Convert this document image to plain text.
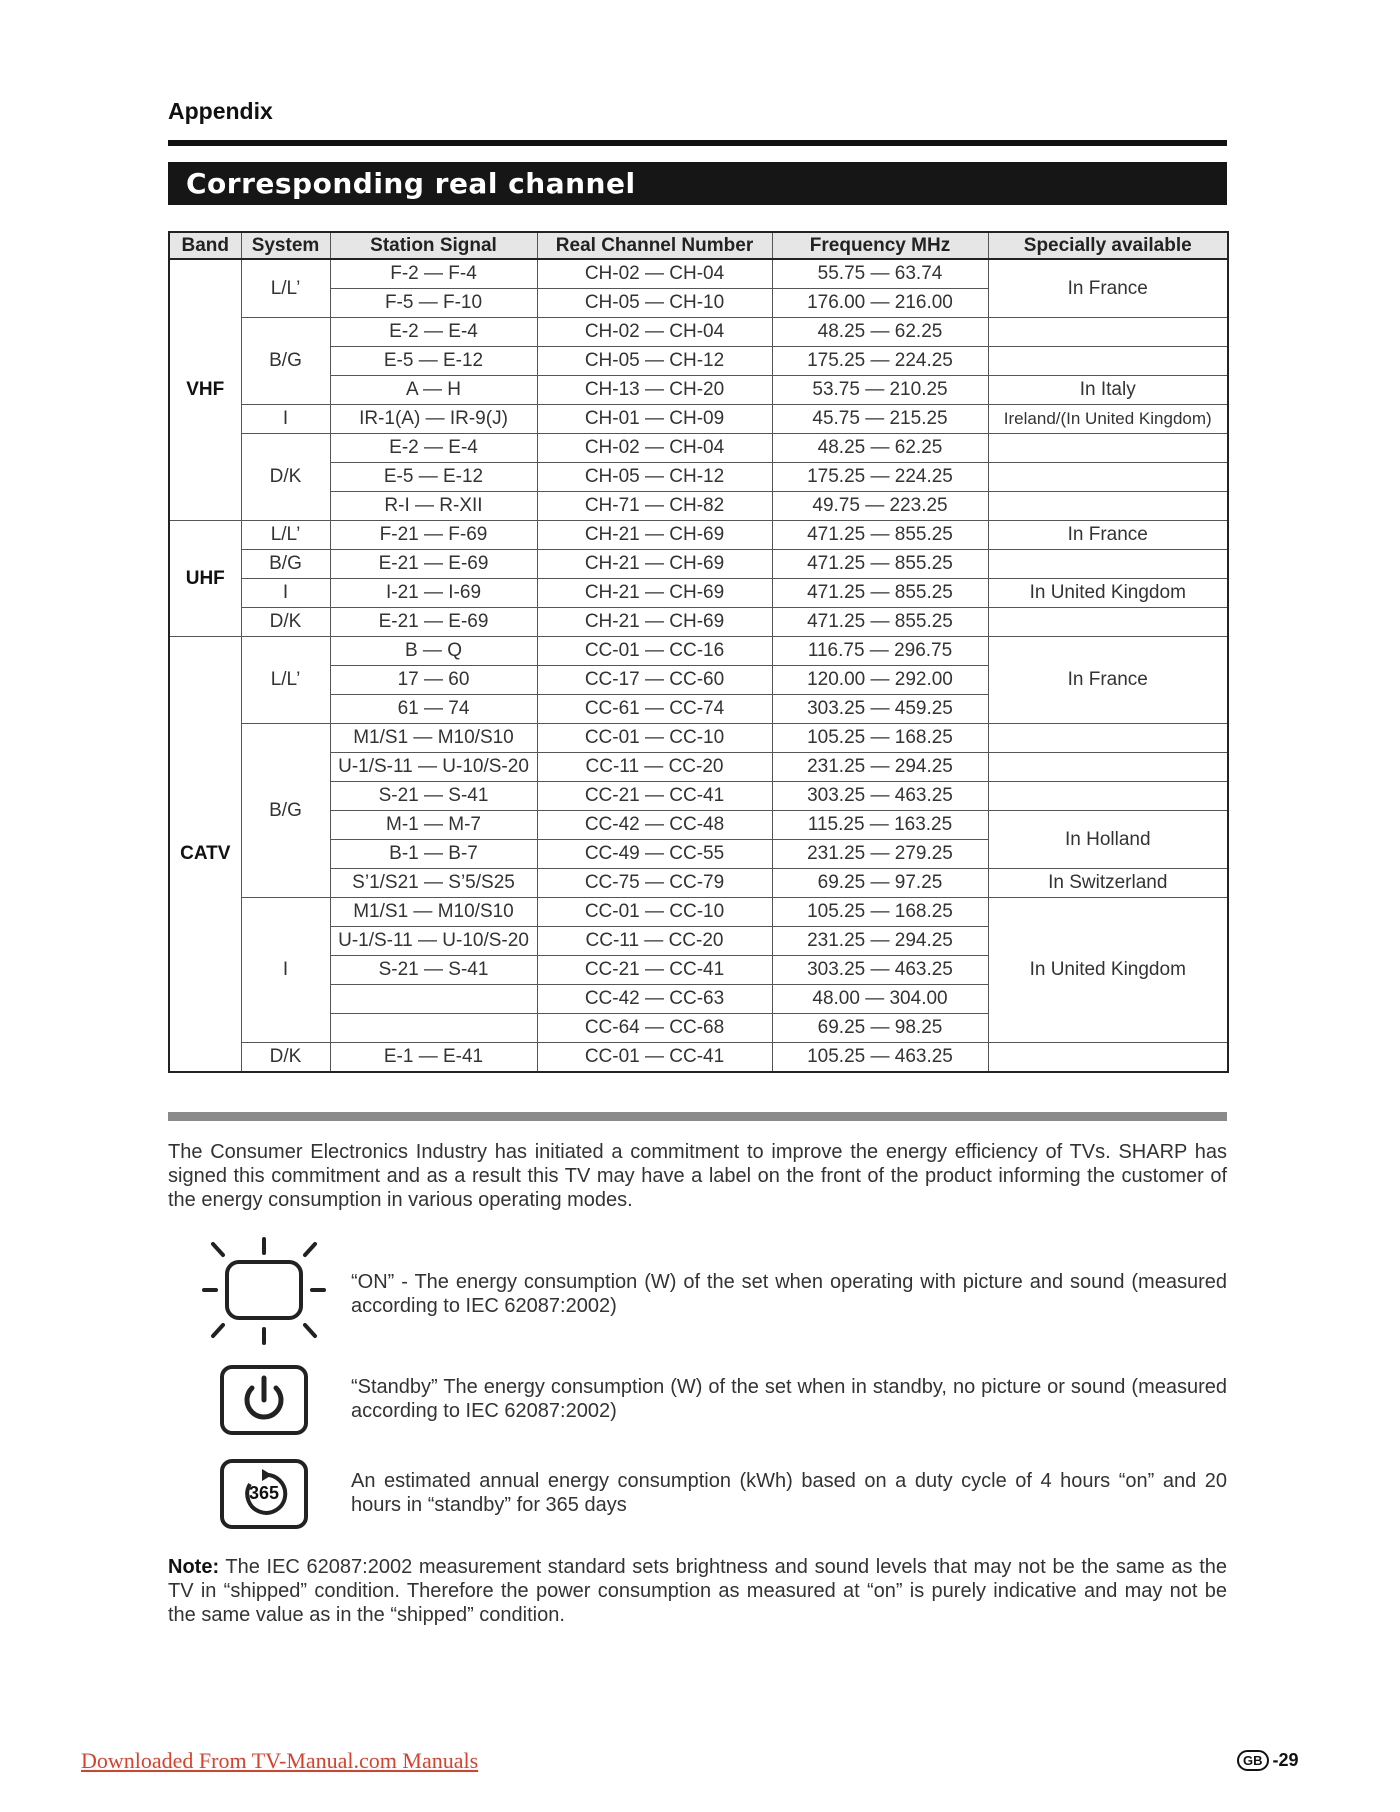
Appendix
Corresponding real channel
Band	System	Station Signal	Real Channel Number	Frequency MHz	Specially available
VHF	L/L’	F-2 — F-4	CH-02 — CH-04	55.75 — 63.74	In France
		F-5 — F-10	CH-05 — CH-10	176.00 — 216.00	
	B/G	E-2 — E-4	CH-02 — CH-04	48.25 — 62.25	
		E-5 — E-12	CH-05 — CH-12	175.25 — 224.25	
		A — H	CH-13 — CH-20	53.75 — 210.25	In Italy
	I	IR-1(A) — IR-9(J)	CH-01 — CH-09	45.75 — 215.25	Ireland/(In United Kingdom)
	D/K	E-2 — E-4	CH-02 — CH-04	48.25 — 62.25	
		E-5 — E-12	CH-05 — CH-12	175.25 — 224.25	
		R-I — R-XII	CH-71 — CH-82	49.75 — 223.25	
UHF	L/L’	F-21 — F-69	CH-21 — CH-69	471.25 — 855.25	In France
	B/G	E-21 — E-69	CH-21 — CH-69	471.25 — 855.25	
	I	I-21 — I-69	CH-21 — CH-69	471.25 — 855.25	In United Kingdom
	D/K	E-21 — E-69	CH-21 — CH-69	471.25 — 855.25	
CATV	L/L’	B — Q	CC-01 — CC-16	116.75 — 296.75	In France
		17 — 60	CC-17 — CC-60	120.00 — 292.00	
		61 — 74	CC-61 — CC-74	303.25 — 459.25	
	B/G	M1/S1 — M10/S10	CC-01 — CC-10	105.25 — 168.25	
		U-1/S-11 — U-10/S-20	CC-11 — CC-20	231.25 — 294.25	
		S-21 — S-41	CC-21 — CC-41	303.25 — 463.25	
		M-1 — M-7	CC-42 — CC-48	115.25 — 163.25	In Holland
		B-1 — B-7	CC-49 — CC-55	231.25 — 279.25	
		S’1/S21 — S’5/S25	CC-75 — CC-79	69.25 — 97.25	In Switzerland
	I	M1/S1 — M10/S10	CC-01 — CC-10	105.25 — 168.25	In United Kingdom
		U-1/S-11 — U-10/S-20	CC-11 — CC-20	231.25 — 294.25	
		S-21 — S-41	CC-21 — CC-41	303.25 — 463.25	
			CC-42 — CC-63	48.00 — 304.00	
			CC-64 — CC-68	69.25 — 98.25	
	D/K	E-1 — E-41	CC-01 — CC-41	105.25 — 463.25	
The Consumer Electronics Industry has initiated a commitment to improve the energy efficiency of TVs. SHARP has signed this commitment and as a result this TV may have a label on the front of the product informing the customer of the energy consumption in various operating modes.
“ON” - The energy consumption (W) of the set when operating with picture and sound (measured according to IEC 62087:2002)
“Standby” The energy consumption (W) of the set when in standby, no picture or sound (measured according to IEC 62087:2002)
365
An estimated annual energy consumption (kWh) based on a duty cycle of 4 hours “on” and 20 hours in “standby” for 365 days
Note: The IEC 62087:2002 measurement standard sets brightness and sound levels that may not be the same as the TV in “shipped” condition. Therefore the power consumption as measured at “on” is purely indicative and may not be the same value as in the “shipped” condition.
Downloaded From TV-Manual.com Manuals	GB -29
